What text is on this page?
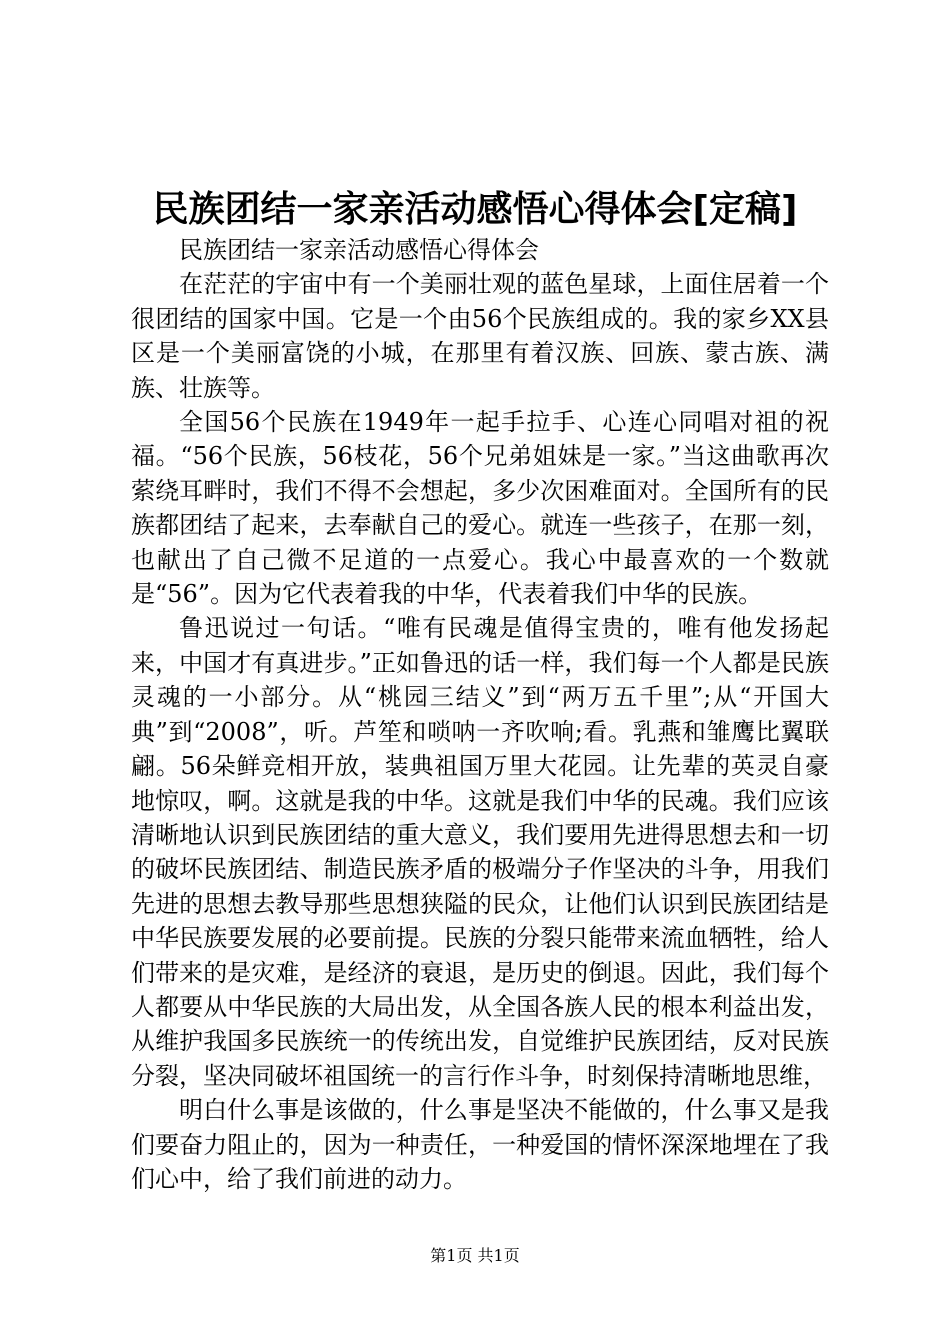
民族团结一家亲活动感悟心得体会[定稿]

民族团结一家亲活动感悟心得体会

在茫茫的宇宙中有一个美丽壮观的蓝色星球，上面住居着一个很团结的国家中国。它是一个由56个民族组成的。我的家乡XX县区是一个美丽富饶的小城，在那里有着汉族、回族、蒙古族、满族、壮族等。

全国56个民族在1949年一起手拉手、心连心同唱对祖的祝福。“56个民族，56枝花，56个兄弟姐妹是一家。”当这曲歌再次萦绕耳畔时，我们不得不会想起，多少次困难面对。全国所有的民族都团结了起来，去奉献自己的爱心。就连一些孩子，在那一刻，也献出了自己微不足道的一点爱心。我心中最喜欢的一个数就是“56”。因为它代表着我的中华，代表着我们中华的民族。

鲁迅说过一句话。“唯有民魂是值得宝贵的，唯有他发扬起来，中国才有真进步。”正如鲁迅的话一样，我们每一个人都是民族灵魂的一小部分。从“桃园三结义”到“两万五千里”;从“开国大典”到“2008”，听。芦笙和唢呐一齐吹响;看。乳燕和雏鹰比翼联翩。56朵鲜竞相开放，装典祖国万里大花园。让先辈的英灵自豪地惊叹，啊。这就是我的中华。这就是我们中华的民魂。我们应该清晰地认识到民族团结的重大意义，我们要用先进得思想去和一切的破坏民族团结、制造民族矛盾的极端分子作坚决的斗争，用我们先进的思想去教导那些思想狭隘的民众，让他们认识到民族团结是中华民族要发展的必要前提。民族的分裂只能带来流血牺牲，给人们带来的是灾难，是经济的衰退，是历史的倒退。因此，我们每个人都要从中华民族的大局出发，从全国各族人民的根本利益出发，从维护我国多民族统一的传统出发，自觉维护民族团结，反对民族分裂，坚决同破坏祖国统一的言行作斗争，时刻保持清晰地思维，

明白什么事是该做的，什么事是坚决不能做的，什么事又是我们要奋力阻止的，因为一种责任，一种爱国的情怀深深地埋在了我们心中，给了我们前进的动力。

第1页 共1页
